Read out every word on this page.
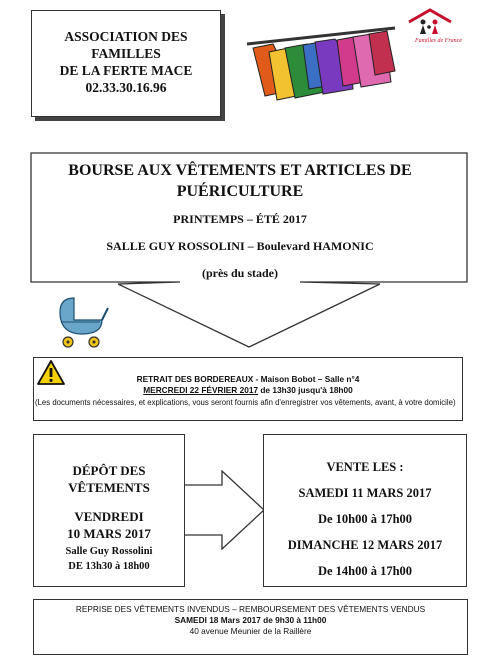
ASSOCIATION DES
FAMILLES
DE LA FERTE MACE
02.33.30.16.96
Familles de France
BOURSE AUX VÊTEMENTS ET ARTICLES DE
PUÉRICULTURE
PRINTEMPS – ÉTÉ 2017
SALLE GUY ROSSOLINI – Boulevard HAMONIC
(près du stade)
RETRAIT DES BORDEREAUX - Maison Bobot – Salle n°4
MERCREDI 22 FÉVRIER 2017 de 13h30 jusqu'à 18h00
(Les documents nécessaires, et explications, vous seront fournis afin d'enregistrer vos vêtements, avant, à votre domicile)
DÉPÔT DES
VÊTEMENTS
VENDREDI
10 MARS 2017
Salle Guy Rossolini
DE 13h30 à 18h00
VENTE LES :
SAMEDI 11 MARS 2017
De 10h00 à 17h00
DIMANCHE 12 MARS 2017
De 14h00 à 17h00
REPRISE DES VÊTEMENTS INVENDUS – REMBOURSEMENT DES VÊTEMENTS VENDUS
SAMEDI 18 Mars 2017 de 9h30 à 11h00
40 avenue Meunier de la Raillère
